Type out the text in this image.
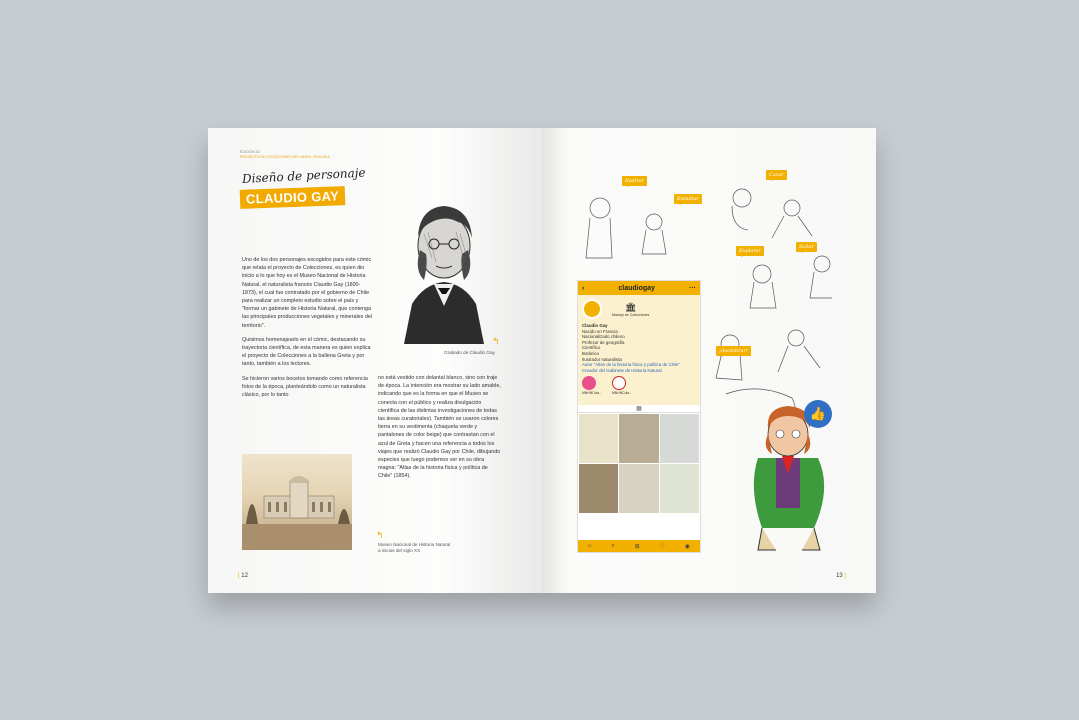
EDICIÓN 3D
PROYECTO DE COLECCIONES DEL MNHN, 2019-2019
Diseño de personaje
CLAUDIO GAY
↰
Grabado de Claudio Gay

Uno de los dos personajes escogidos para este cómic que relata el proyecto de Colecciones, es quien dio inicio a lo que hoy es el Museo Nacional de Historia Natural, el naturalista francés Claudio Gay (1800-1873), el cual fue contratado por el gobierno de Chile para realizar un completo estudio sobre el país y "formar un gabinete de Historia Natural, que contenga las principales producciones vegetales y minerales del territorio".

Quisimos homenajearlo en el cómic, destacando su trayectoria científica, de esta manera es quien explica el proyecto de Colecciones a la ballena Greta y por tanto, también a los lectores.

Se hicieron varios bocetos tomando como referencia fotos de la época, planteándolo como un naturalista clásico, por lo tanto

no está vestido con delantal blanco, sino con traje de época. La intención era mostrar su lado amable, indicando que es la forma en que el Museo se conecta con el público y realiza divulgación científica de las distintas investigaciones de todas las áreas curatoriales). También se usaron colores tierra en su vestimenta (chaqueta verde y pantalones de color beige) que contrastan con el azul de Greta y hacen una referencia a todos los viajes que realizó Claudio Gay por Chile, dibujando especies que luego podemos ver en su obra magna: "Atlas de la historia física y política de Chile" (1854).

↰
Museo Nacional de Historia Natural
a inicios del siglo XX
| 12
Ilustrar
Estudiar
Cazar
Explorar
Soñar
¡Asombrar!
👍
‹	claudiogay	···
🏛
Manejo de Colecciones
Claudio Gay
Nacido en Francia
Nacionalizado chileno
Profesor de geografía
Científico
Botánico
Ilustrador naturalista
Autor "Atlas de la historia física y política de Chile"
Creador del Gabinete de Historia Natural
MNHNCola...	MNHNCola...
▦
⌂	⌕	⊞	♡	◉
13 |
